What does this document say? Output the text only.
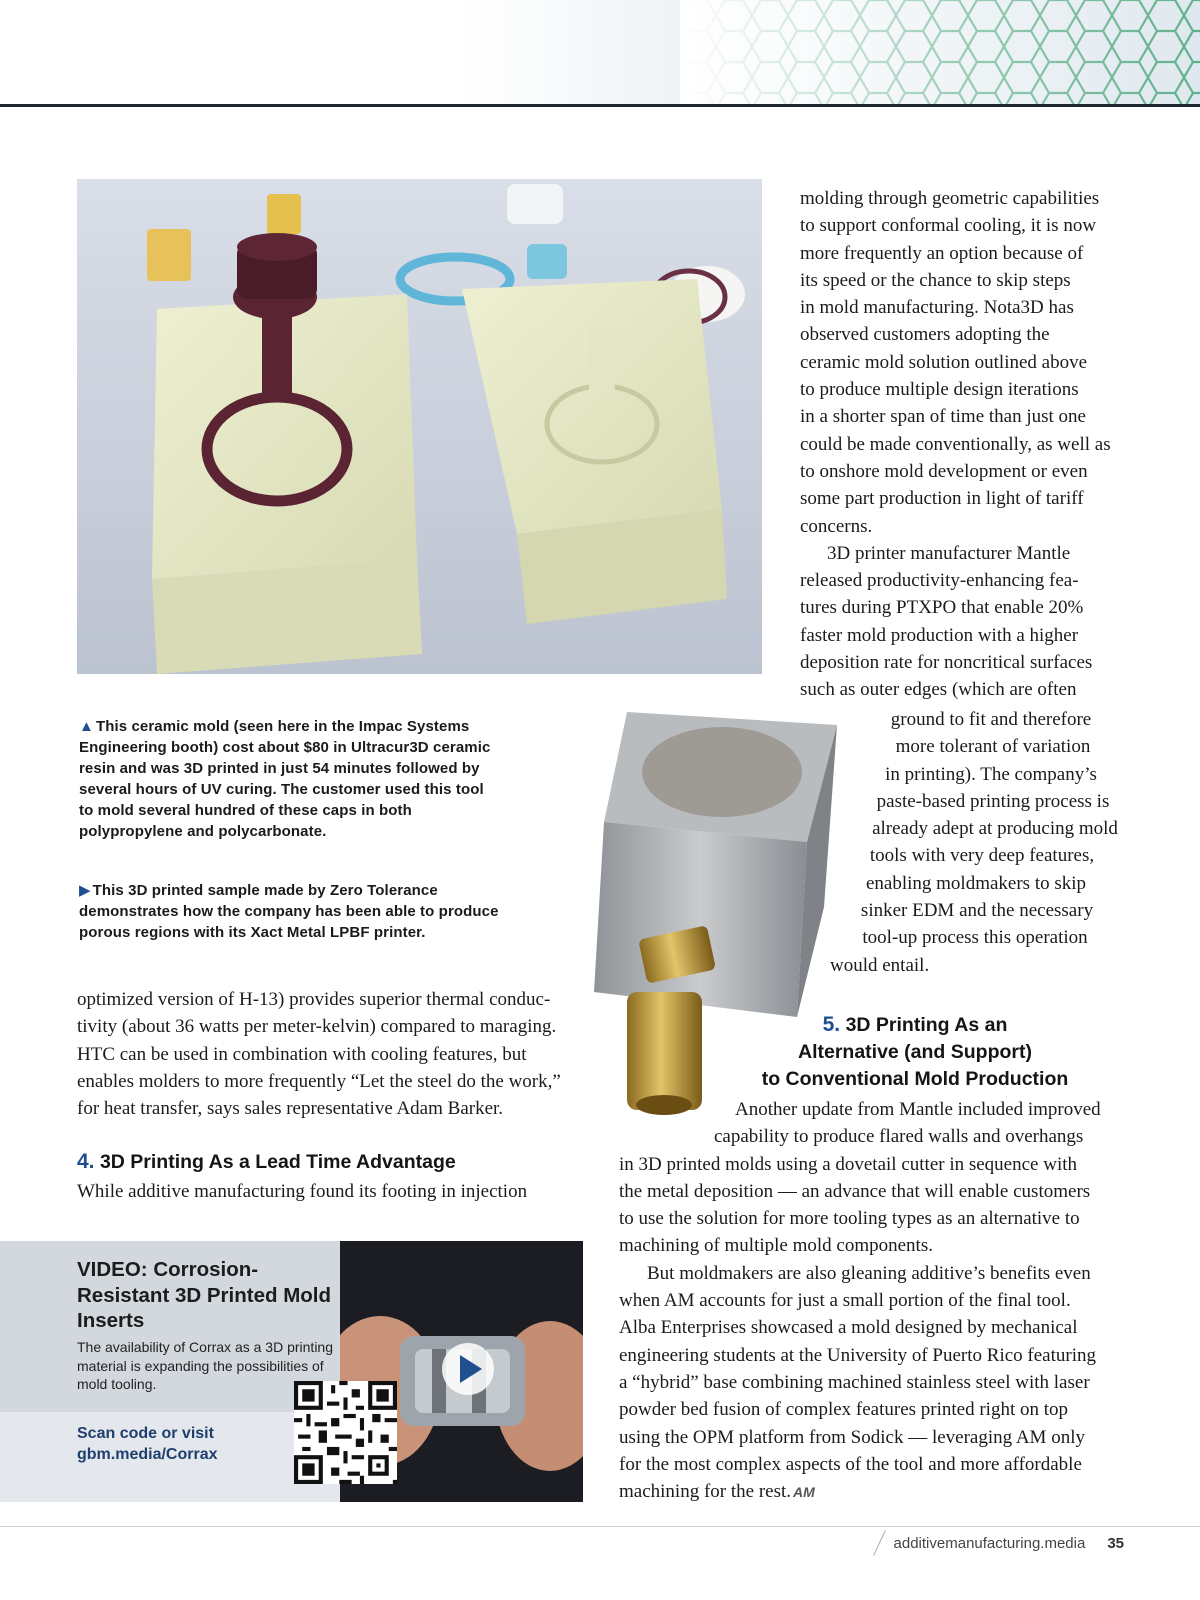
molding through geometric capabilities
to support conformal cooling, it is now
more frequently an option because of
its speed or the chance to skip steps
in mold manufacturing. Nota3D has
observed customers adopting the
ceramic mold solution outlined above
to produce multiple design iterations
in a shorter span of time than just one
could be made conventionally, as well as
to onshore mold development or even
some part production in light of tariff
concerns.
3D printer manufacturer Mantle
released productivity-enhancing fea-
tures during PTXPO that enable 20%
faster mold production with a higher
deposition rate for noncritical surfaces
such as outer edges (which are often
ground to fit and therefore
more tolerant of variation
in printing). The company’s
paste-based printing process is
already adept at producing mold
tools with very deep features,
enabling moldmakers to skip
sinker EDM and the necessary
tool-up process this operation
would entail.
▲ This ceramic mold (seen here in the Impac Systems Engineering booth) cost about $80 in Ultracur3D ceramic resin and was 3D printed in just 54 minutes followed by several hours of UV curing. The customer used this tool to mold several hundred of these caps in both polypropylene and polycarbonate.
▶ This 3D printed sample made by Zero Tolerance demonstrates how the company has been able to produce porous regions with its Xact Metal LPBF printer.
optimized version of H-13) provides superior thermal conduc-
tivity (about 36 watts per meter-kelvin) compared to maraging.
HTC can be used in combination with cooling features, but
enables molders to more frequently “Let the steel do the work,”
for heat transfer, says sales representative Adam Barker.
4. 3D Printing As a Lead Time Advantage
While additive manufacturing found its footing in injection
5. 3D Printing As an
Alternative (and Support)
to Conventional Mold Production
Another update from Mantle included improved
capability to produce flared walls and overhangs
in 3D printed molds using a dovetail cutter in sequence with
the metal deposition — an advance that will enable customers
to use the solution for more tooling types as an alternative to
machining of multiple mold components.
But moldmakers are also gleaning additive’s benefits even
when AM accounts for just a small portion of the final tool.
Alba Enterprises showcased a mold designed by mechanical
engineering students at the University of Puerto Rico featuring
a “hybrid” base combining machined stainless steel with laser
powder bed fusion of complex features printed right on top
using the OPM platform from Sodick — leveraging AM only
for the most complex aspects of the tool and more affordable
machining for the rest. AM
VIDEO: Corrosion-Resistant 3D Printed Mold Inserts
The availability of Corrax as a 3D printing material is expanding the possibilities of mold tooling.
Scan code or visit gbm.media/Corrax
additivemanufacturing.media 35
